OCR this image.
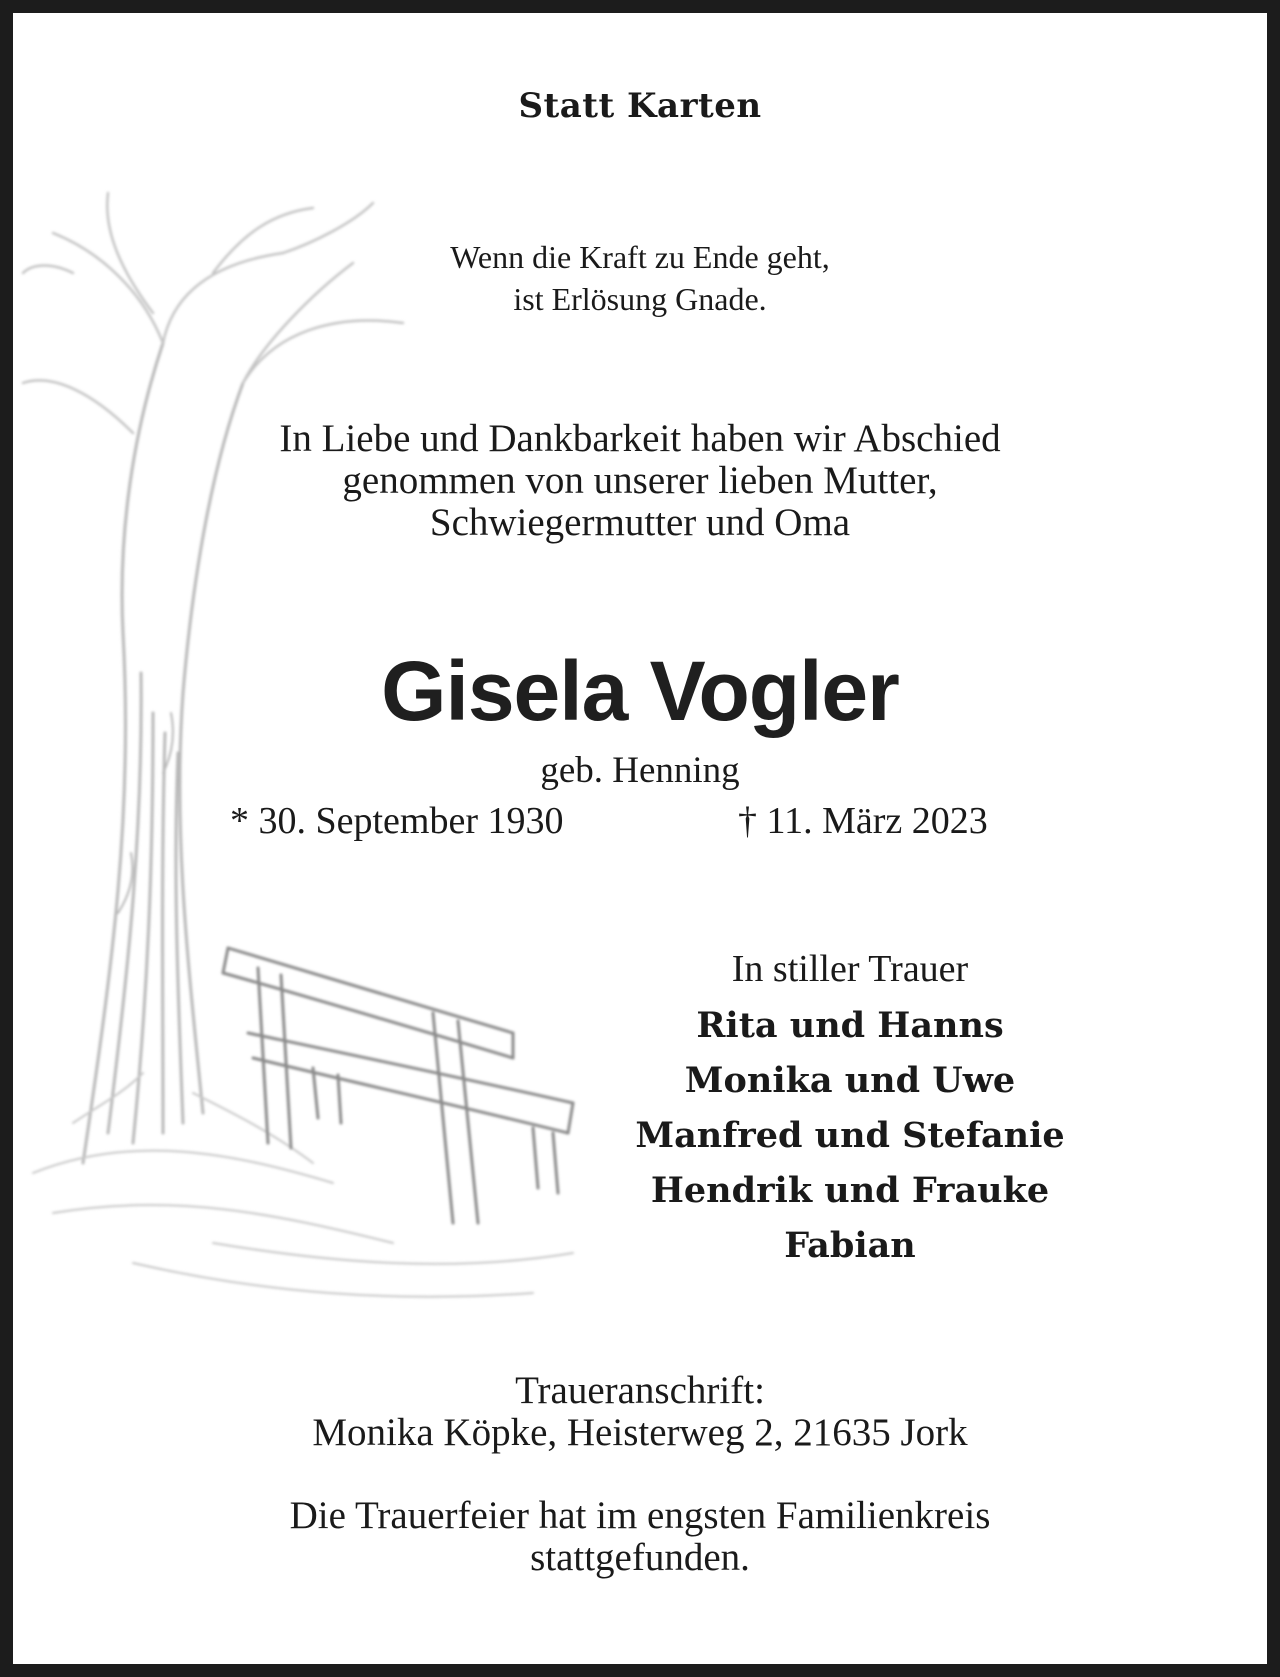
Statt Karten
Wenn die Kraft zu Ende geht,
ist Erlösung Gnade.
In Liebe und Dankbarkeit haben wir Abschied
genommen von unserer lieben Mutter,
Schwiegermutter und Oma
Gisela Vogler
geb. Henning
* 30. September 1930	† 11. März 2023
In stiller Trauer
Rita und Hanns
Monika und Uwe
Manfred und Stefanie
Hendrik und Frauke
Fabian
Traueranschrift:
Monika Köpke, Heisterweg 2, 21635 Jork
Die Trauerfeier hat im engsten Familienkreis
stattgefunden.
